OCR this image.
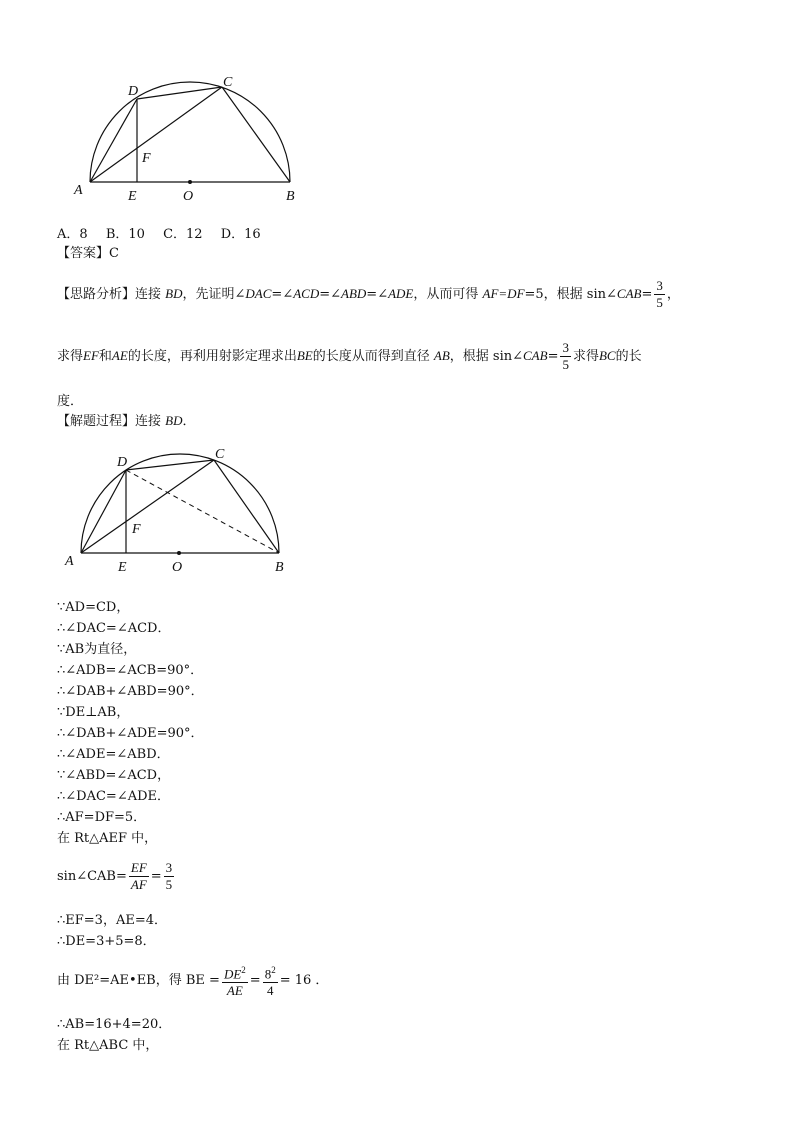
A	B
C
D
E
F
O
A．8 B．10 C．12 D．16
【答案】C
【思路分析】连接 BD，先证明∠DAC=∠ACD=∠ABD=∠ADE，从而可得 AF=DF=5，根据 sin∠CAB= $\frac{3}{5}$ ，
求得EF和AE的长度，再利用射影定理求出BE的长度从而得到直径 AB，根据 sin∠CAB= $\frac{3}{5}$ 求得BC的长
度．
【解题过程】连接 BD．
A	B
C
D
E
F
O
∵AD=CD，
∴∠DAC=∠ACD．
∵AB为直径，
∴∠ADB=∠ACB=90°．
∴∠DAB+∠ABD=90°．
∵DE⊥AB，
∴∠DAB+∠ADE=90°．
∴∠ADE=∠ABD．
∵∠ABD=∠ACD，
∴∠DAC=∠ADE．
∴AF=DF=5．
在 Rt△AEF 中，
sin∠CAB= $\frac{EF}{AF} = \frac{3}{5}$
∴EF=3，AE=4．
∴DE=3+5=8．
由 DE²=AE•EB，得 BE = $\frac{DE^2}{AE} = \frac{8^2}{4} = 16$ ．
∴AB=16+4=20．
在 Rt△ABC 中，
